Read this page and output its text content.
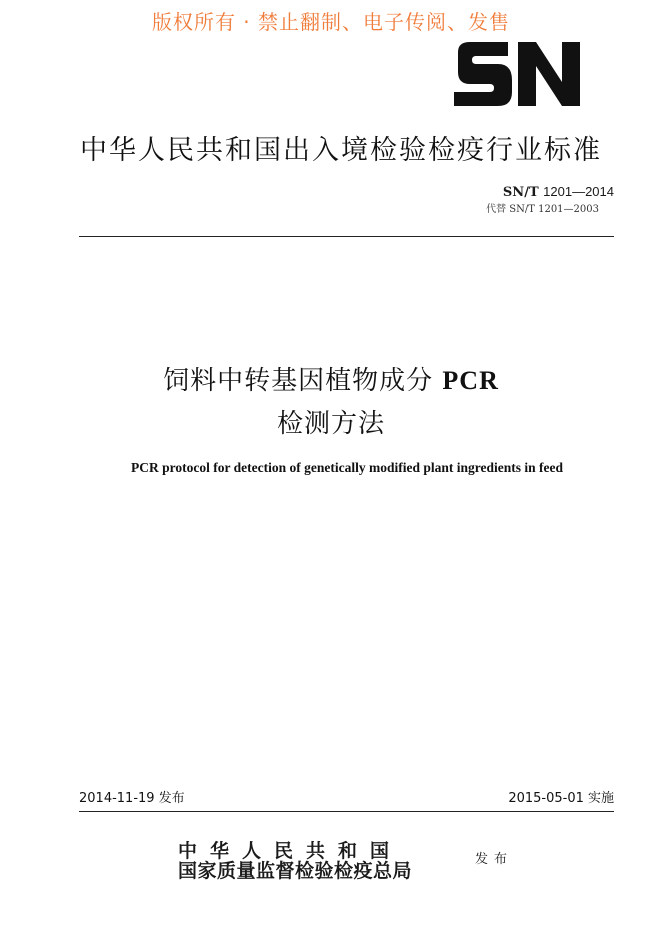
版权所有 · 禁止翻制、电子传阅、发售
中华人民共和国出入境检验检疫行业标准
SN/T 1201—2014
代替 SN/T 1201—2003
饲料中转基因植物成分 PCR
检测方法
PCR protocol for detection of genetically modified plant ingredients in feed
2014-11-19 发布	2015-05-01 实施
中华人民共和国
国家质量监督检验检疫总局
发布
